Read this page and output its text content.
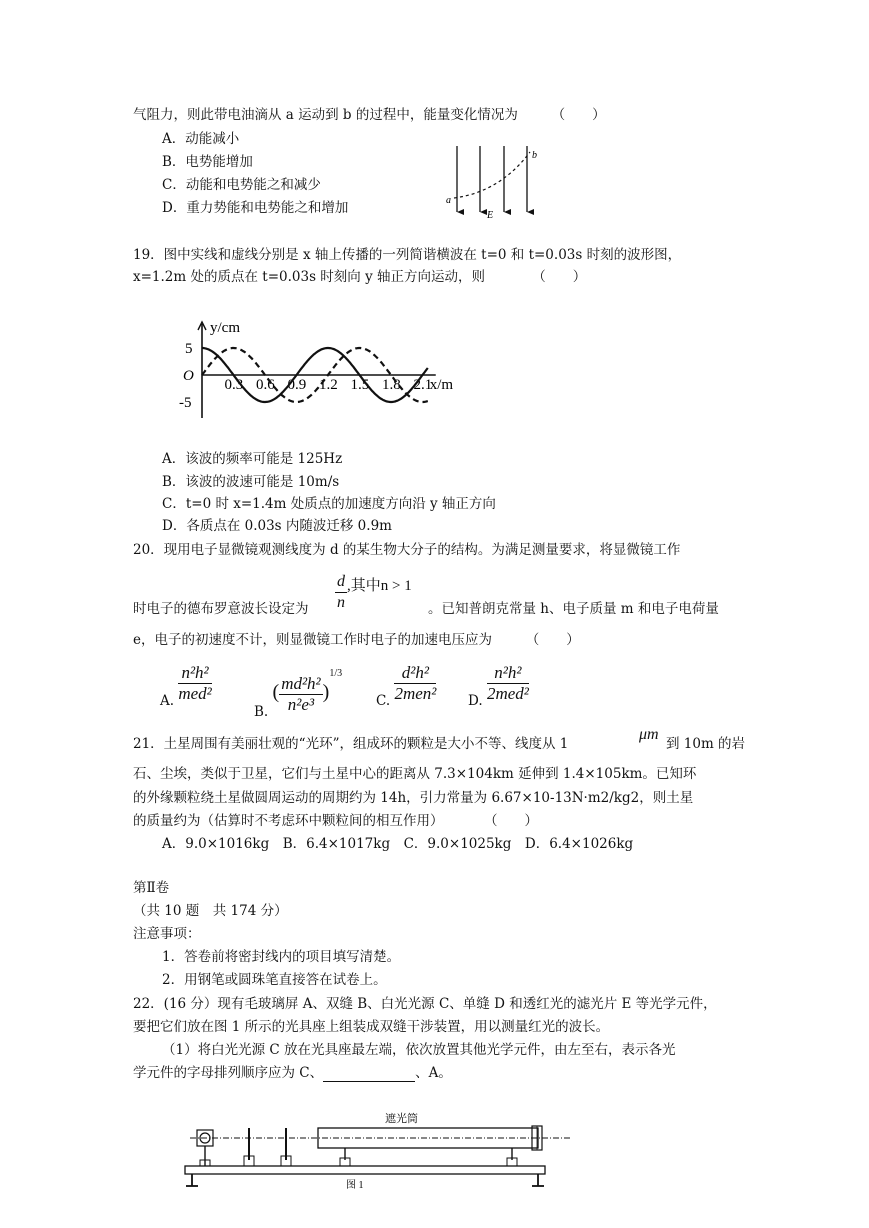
气阻力，则此带电油滴从 a 运动到 b 的过程中，能量变化情况为　　　（　　）
A．动能减小
B．电势能增加
C．动能和电势能之和减少
D．重力势能和电势能之和增加	a
b
E
19．图中实线和虚线分别是 x 轴上传播的一列简谐横波在 t=0 和 t=0.03s 时刻的波形图，
x=1.2m 处的质点在 t=0.03s 时刻向 y 轴正方向运动，则　　　　（　　）
y/cm
x/m
O
5
-5
0.3 0.6 0.9 1.2 1.5 1.8 2.1
A．该波的频率可能是 125Hz
B．该波的波速可能是 10m/s
C．t=0 时 x=1.4m 处质点的加速度方向沿 y 轴正方向
D．各质点在 0.03s 内随波迁移 0.9m
20．现用电子显微镜观测线度为 d 的某生物大分子的结构。为满足测量要求，将显微镜工作
$\frac{d}{n}$ ,其中n > 1
时电子的德布罗意波长设定为	。已知普朗克常量 h、电子质量 m 和电子电荷量
e，电子的初速度不计，则显微镜工作时电子的加速电压应为　　　（　　）
A. $\frac{\text{n²h²}}{\text{med²}}$
B. ( $\frac{\text{md²h²}}{\text{n²e³}} )^{1/3}$
C. $\frac{\text{d²h²}}{\text{2men²}} D$. $\frac{\text{n²h²}}{\text{2med²}}$
21．土星周围有美丽壮观的“光环”，组成环的颗粒是大小不等、线度从 1
μm
到 10m 的岩
石、尘埃，类似于卫星，它们与土星中心的距离从 7.3×104km 延伸到 1.4×105km。已知环
的外缘颗粒绕土星做圆周运动的周期约为 14h，引力常量为 6.67×10-13N·m2/kg2，则土星
的质量约为（估算时不考虑环中颗粒间的相互作用）　　　　（　　）
A．9.0×1016kg　B．6.4×1017kg　C．9.0×1025kg　D．6.4×1026kg
第Ⅱ卷
（共 10 题　共 174 分）
注意事项：
1．答卷前将密封线内的项目填写清楚。
2．用钢笔或圆珠笔直接答在试卷上。
22．(16 分）现有毛玻璃屏 A、双缝 B、白光光源 C、单缝 D 和透红光的滤光片 E 等光学元件，
要把它们放在图 1 所示的光具座上组装成双缝干涉装置，用以测量红光的波长。
（1）将白光光源 C 放在光具座最左端，依次放置其他光学元件，由左至右，表示各光
学元件的字母排列顺序应为 C、	、A。
遮光筒
图 1
